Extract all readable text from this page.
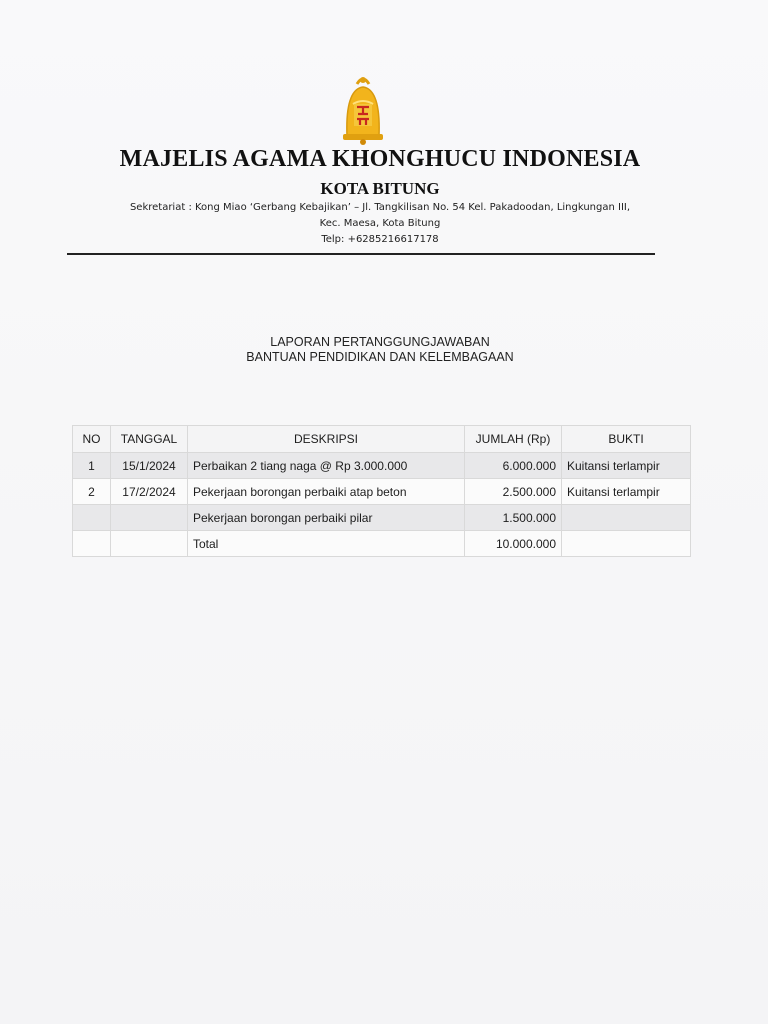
MAJELIS AGAMA KHONGHUCU INDONESIA
KOTA BITUNG
Sekretariat : Kong Miao ‘Gerbang Kebajikan’ – Jl. Tangkilisan No. 54 Kel. Pakadoodan, Lingkungan III,
Kec. Maesa, Kota Bitung
Telp: +6285216617178
LAPORAN PERTANGGUNGJAWABAN
BANTUAN PENDIDIKAN DAN KELEMBAGAAN
NO	TANGGAL	DESKRIPSI	JUMLAH (Rp)	BUKTI
1	15/1/2024	Perbaikan 2 tiang naga @ Rp 3.000.000	6.000.000	Kuitansi terlampir
2	17/2/2024	Pekerjaan borongan perbaiki atap beton	2.500.000	Kuitansi terlampir
		Pekerjaan borongan perbaiki pilar	1.500.000	
		Total	10.000.000	
